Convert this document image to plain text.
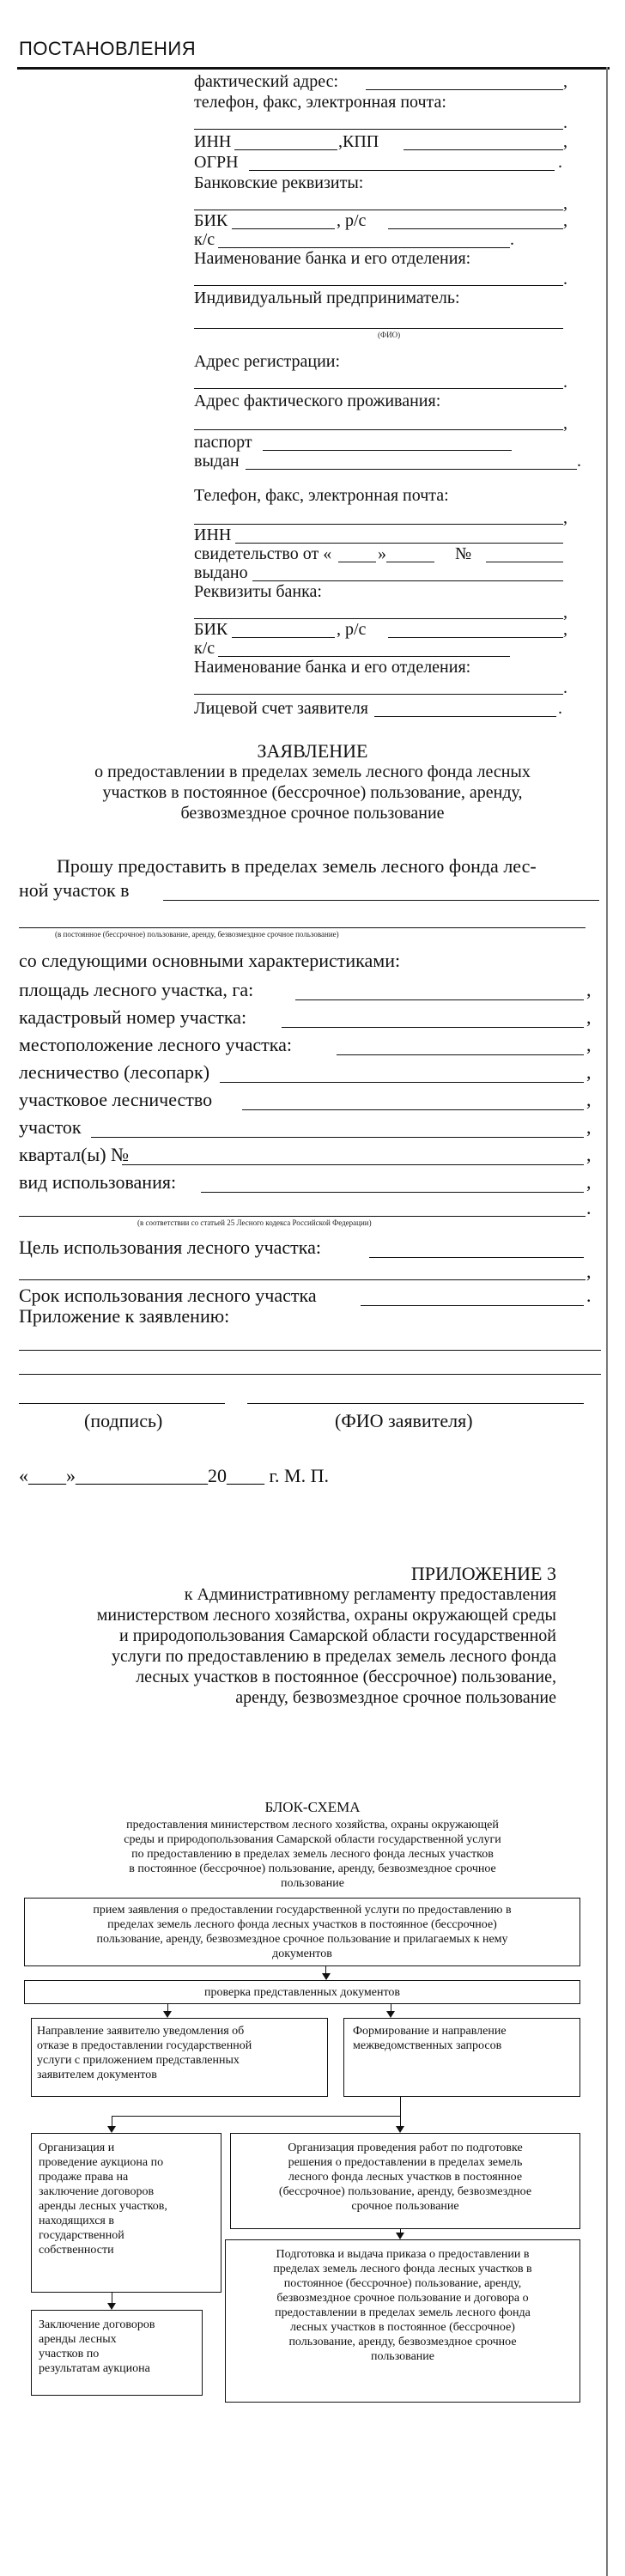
ПОСТАНОВЛЕНИЯ
фактический адрес:	,
телефон, факс, электронная почта:
.
ИНН	,КПП	,
ОГРН	.
Банковские реквизиты:
,
БИК	, р/с	,
к/с	.
Наименование банка и его отделения:
.
Индивидуальный предприниматель:
(ФИО)
Адрес регистрации:
.
Адрес фактического проживания:
,
паспорт
выдан	.
Телефон, факс, электронная почта:
,
ИНН
свидетельство от «	»	№
выдано
Реквизиты банка:
,
БИК	, р/с	,
к/с
Наименование банка и его отделения:
.
Лицевой счет заявителя	.
ЗАЯВЛЕНИЕ
о предоставлении в пределах земель лесного фонда лесных
участков в постоянное (бессрочное) пользование, аренду,
безвозмездное срочное пользование
Прошу предоставить в пределах земель лесного фонда лес-
ной участок в
(в постоянное (бессрочное) пользование, аренду, безвозмездное срочное пользование)
со следующими основными характеристиками:
площадь лесного участка, га:	,
кадастровый номер участка:	,
местоположение лесного участка:	,
лесничество (лесопарк)	,
участковое лесничество	,
участок	,
квартал(ы) №	,
вид использования:	,
.
(в соответствии со статьей 25 Лесного кодекса Российской Федерации)
Цель использования лесного участка:
,
Срок использования лесного участка	.
Приложение к заявлению:
(подпись)	(ФИО заявителя)
«____»______________20____ г. М. П.
ПРИЛОЖЕНИЕ 3
к Административному регламенту предоставления
министерством лесного хозяйства, охраны окружающей среды
и природопользования Самарской области государственной
услуги по предоставлению в пределах земель лесного фонда
лесных участков в постоянное (бессрочное) пользование,
аренду, безвозмездное срочное пользование
БЛОК-СХЕМА
предоставления министерством лесного хозяйства, охраны окружающей
среды и природопользования Самарской области государственной услуги
по предоставлению в пределах земель лесного фонда лесных участков
в постоянное (бессрочное) пользование, аренду, безвозмездное срочное
пользование
прием заявления о предоставлении государственной услуги по предоставлению в
пределах земель лесного фонда лесных участков в постоянное (бессрочное)
пользование, аренду, безвозмездное срочное пользование и прилагаемых к нему
документов
проверка представленных документов
Направление заявителю уведомления об
отказе в предоставлении государственной
услуги с приложением представленных
заявителем документов
Формирование и направление
межведомственных запросов
Организация и
проведение аукциона по
продаже права на
заключение договоров
аренды лесных участков,
находящихся в
государственной
собственности
Организация проведения работ по подготовке
решения о предоставлении в пределах земель
лесного фонда лесных участков в постоянное
(бессрочное) пользование, аренду, безвозмездное
срочное пользование
Подготовка и выдача приказа о предоставлении в
пределах земель лесного фонда лесных участков в
постоянное (бессрочное) пользование, аренду,
безвозмездное срочное пользование и договора о
предоставлении в пределах земель лесного фонда
лесных участков в постоянное (бессрочное)
пользование, аренду, безвозмездное срочное
пользование
Заключение договоров
аренды лесных
участков по
результатам аукциона
